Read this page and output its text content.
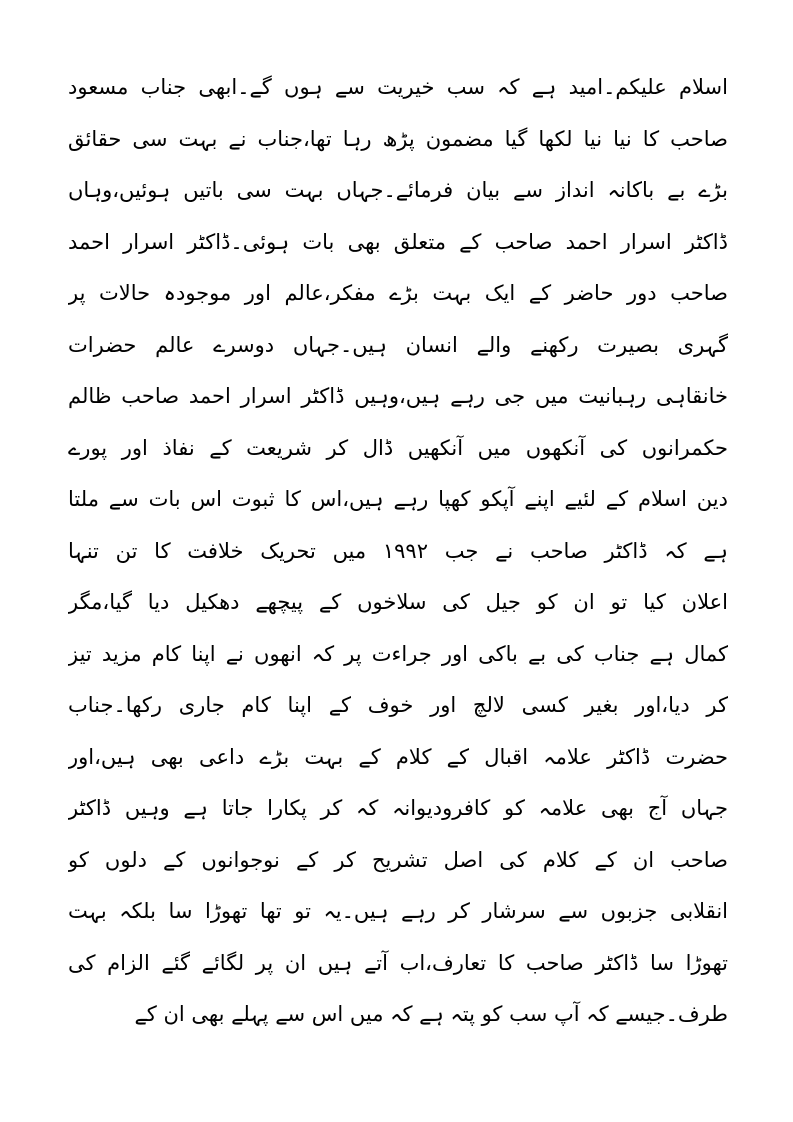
اسلام علیکم۔امید ہے کہ سب خیریت سے ہوں گے۔ابھی جناب مسعود
صاحب کا نیا نیا لکھا گیا مضمون پڑھ رہا تھا،جناب نے بہت سی حقائق
بڑے بے باکانہ انداز سے بیان فرمائے۔جہاں بہت سی باتیں ہوئیں،وہاں
ڈاکٹر اسرار احمد صاحب کے متعلق بھی بات ہوئی۔ڈاکٹر اسرار احمد
صاحب دور حاضر کے ایک بہت بڑے مفکر،عالم اور موجودہ حالات پر
گہری بصیرت رکھنے والے انسان ہیں۔جہاں دوسرے عالم حضرات
خانقاہی رہبانیت میں جی رہے ہیں،وہیں ڈاکٹر اسرار احمد صاحب ظالم
حکمرانوں کی آنکھوں میں آنکھیں ڈال کر شریعت کے نفاذ اور پورے
دین اسلام کے لئیے اپنے آپکو کھپا رہے ہیں،اس کا ثبوت اس بات سے ملتا
ہے کہ ڈاکٹر صاحب نے جب ۱۹۹۲ میں تحریک خلافت کا تن تنہا
اعلان کیا تو ان کو جیل کی سلاخوں کے پیچھے دھکیل دیا گیا،مگر
کمال ہے جناب کی بے باکی اور جراءت پر کہ انھوں نے اپنا کام مزید تیز
کر دیا،اور بغیر کسی لالچ اور خوف کے اپنا کام جاری رکھا۔جناب
حضرت ڈاکٹر علامہ اقبال کے کلام کے بہت بڑے داعی بھی ہیں،اور
جہاں آج بھی علامہ کو کافرودیوانہ کہ کر پکارا جاتا ہے وہیں ڈاکٹر
صاحب ان کے کلام کی اصل تشریح کر کے نوجوانوں کے دلوں کو
انقلابی جزبوں سے سرشار کر رہے ہیں۔یہ تو تھا تھوڑا سا بلکہ بہت
تھوڑا سا ڈاکٹر صاحب کا تعارف،اب آتے ہیں ان پر لگائے گئے الزام کی
طرف۔جیسے کہ آپ سب کو پتہ ہے کہ میں اس سے پہلے بھی ان کے
